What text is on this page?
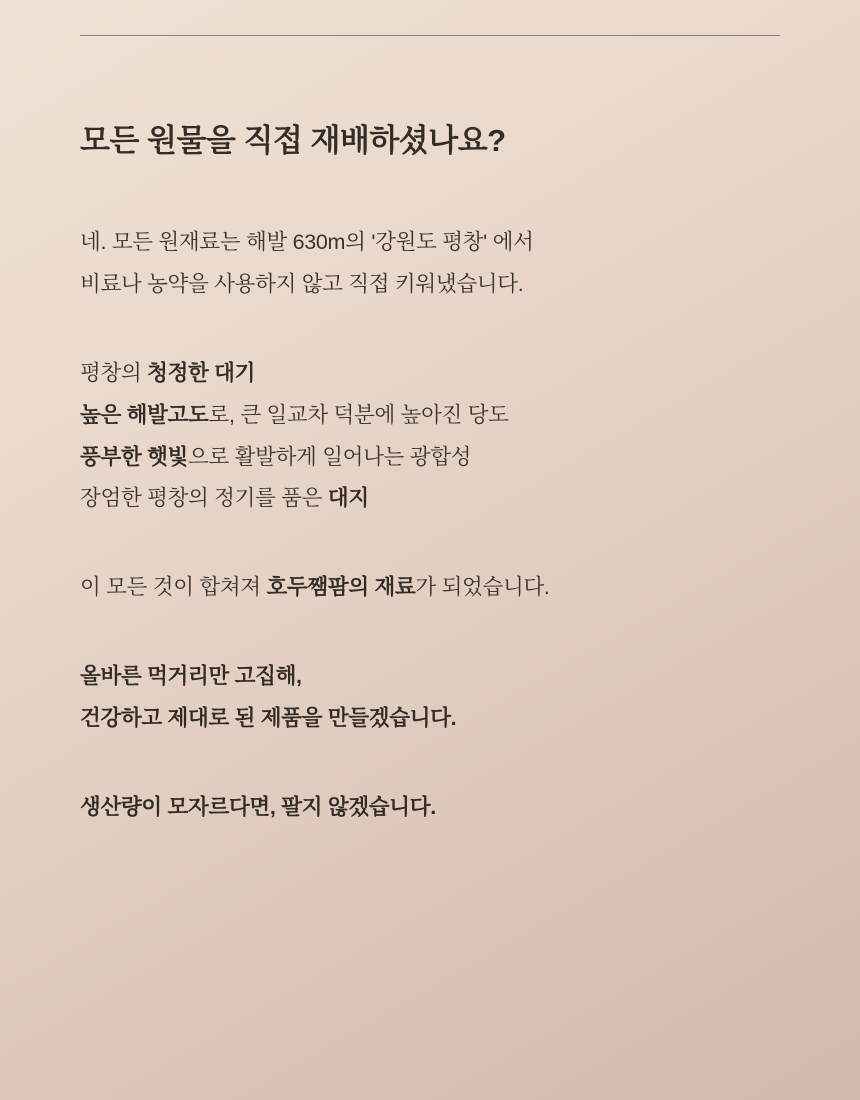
모든 원물을 직접 재배하셨나요?

네. 모든 원재료는 해발 630m의 '강원도 평창' 에서
비료나 농약을 사용하지 않고 직접 키워냈습니다.

평창의 청정한 대기
높은 해발고도로, 큰 일교차 덕분에 높아진 당도
풍부한 햇빛으로 활발하게 일어나는 광합성
장엄한 평창의 정기를 품은 대지

이 모든 것이 합쳐져 호두쨈팜의 재료가 되었습니다.

올바른 먹거리만 고집해,
건강하고 제대로 된 제품을 만들겠습니다.

생산량이 모자르다면, 팔지 않겠습니다.
